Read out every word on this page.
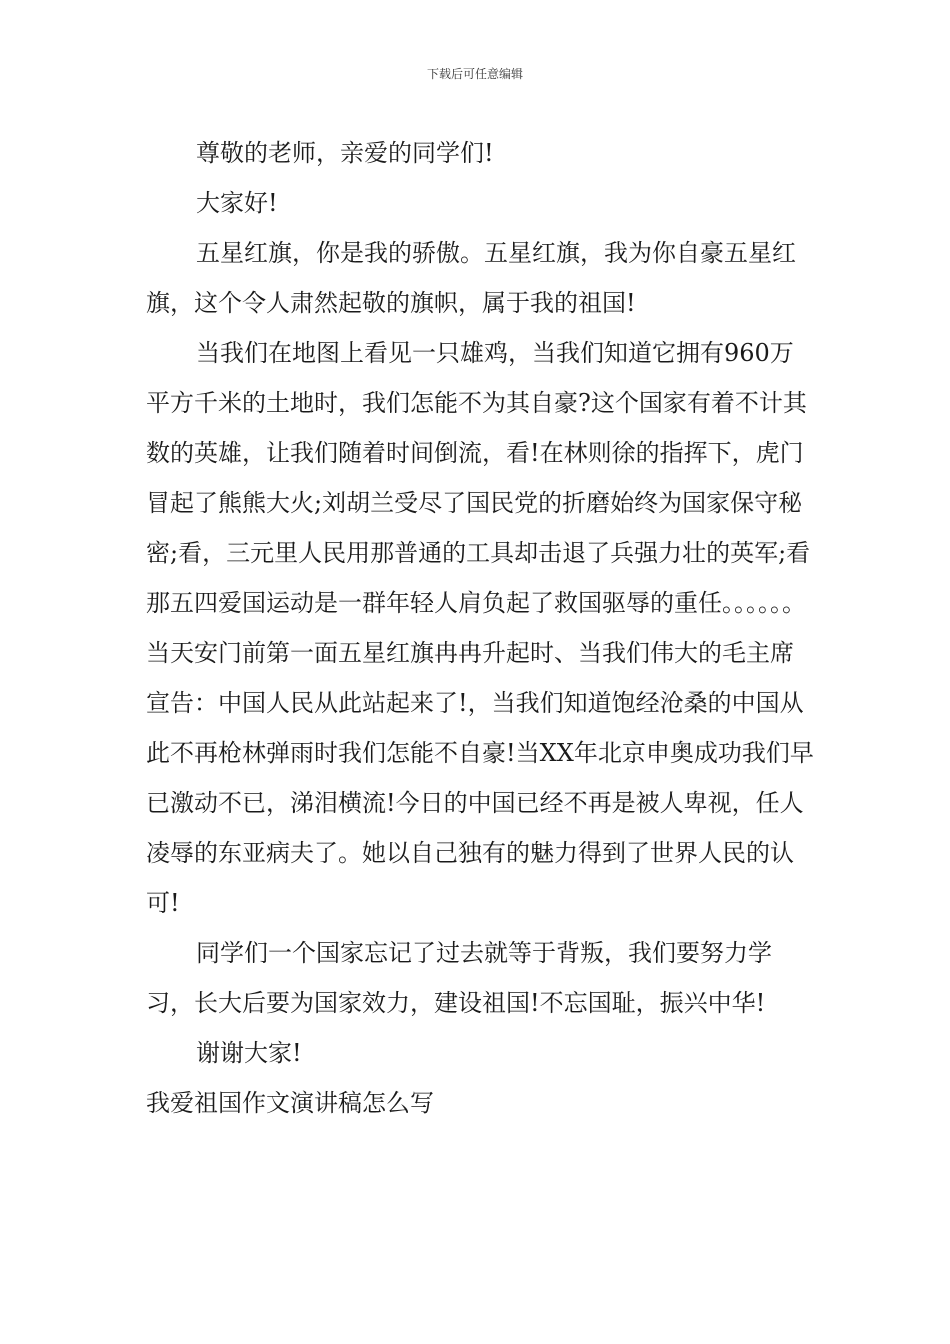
下载后可任意编辑

尊敬的老师，亲爱的同学们!

大家好!

五星红旗，你是我的骄傲。五星红旗，我为你自豪五星红旗，这个令人肃然起敬的旗帜，属于我的祖国!

当我们在地图上看见一只雄鸡，当我们知道它拥有960万平方千米的土地时，我们怎能不为其自豪?这个国家有着不计其数的英雄，让我们随着时间倒流，看!在林则徐的指挥下，虎门冒起了熊熊大火;刘胡兰受尽了国民党的折磨始终为国家保守秘密;看，三元里人民用那普通的工具却击退了兵强力壮的英军;看那五四爱国运动是一群年轻人肩负起了救国驱辱的重任。。。。。。当天安门前第一面五星红旗冉冉升起时、当我们伟大的毛主席宣告：中国人民从此站起来了!，当我们知道饱经沧桑的中国从此不再枪林弹雨时我们怎能不自豪!当XX年北京申奥成功我们早已激动不已，涕泪横流!今日的中国已经不再是被人卑视，任人凌辱的东亚病夫了。她以自己独有的魅力得到了世界人民的认可!

同学们一个国家忘记了过去就等于背叛，我们要努力学习，长大后要为国家效力，建设祖国!不忘国耻，振兴中华!

谢谢大家!

我爱祖国作文演讲稿怎么写
